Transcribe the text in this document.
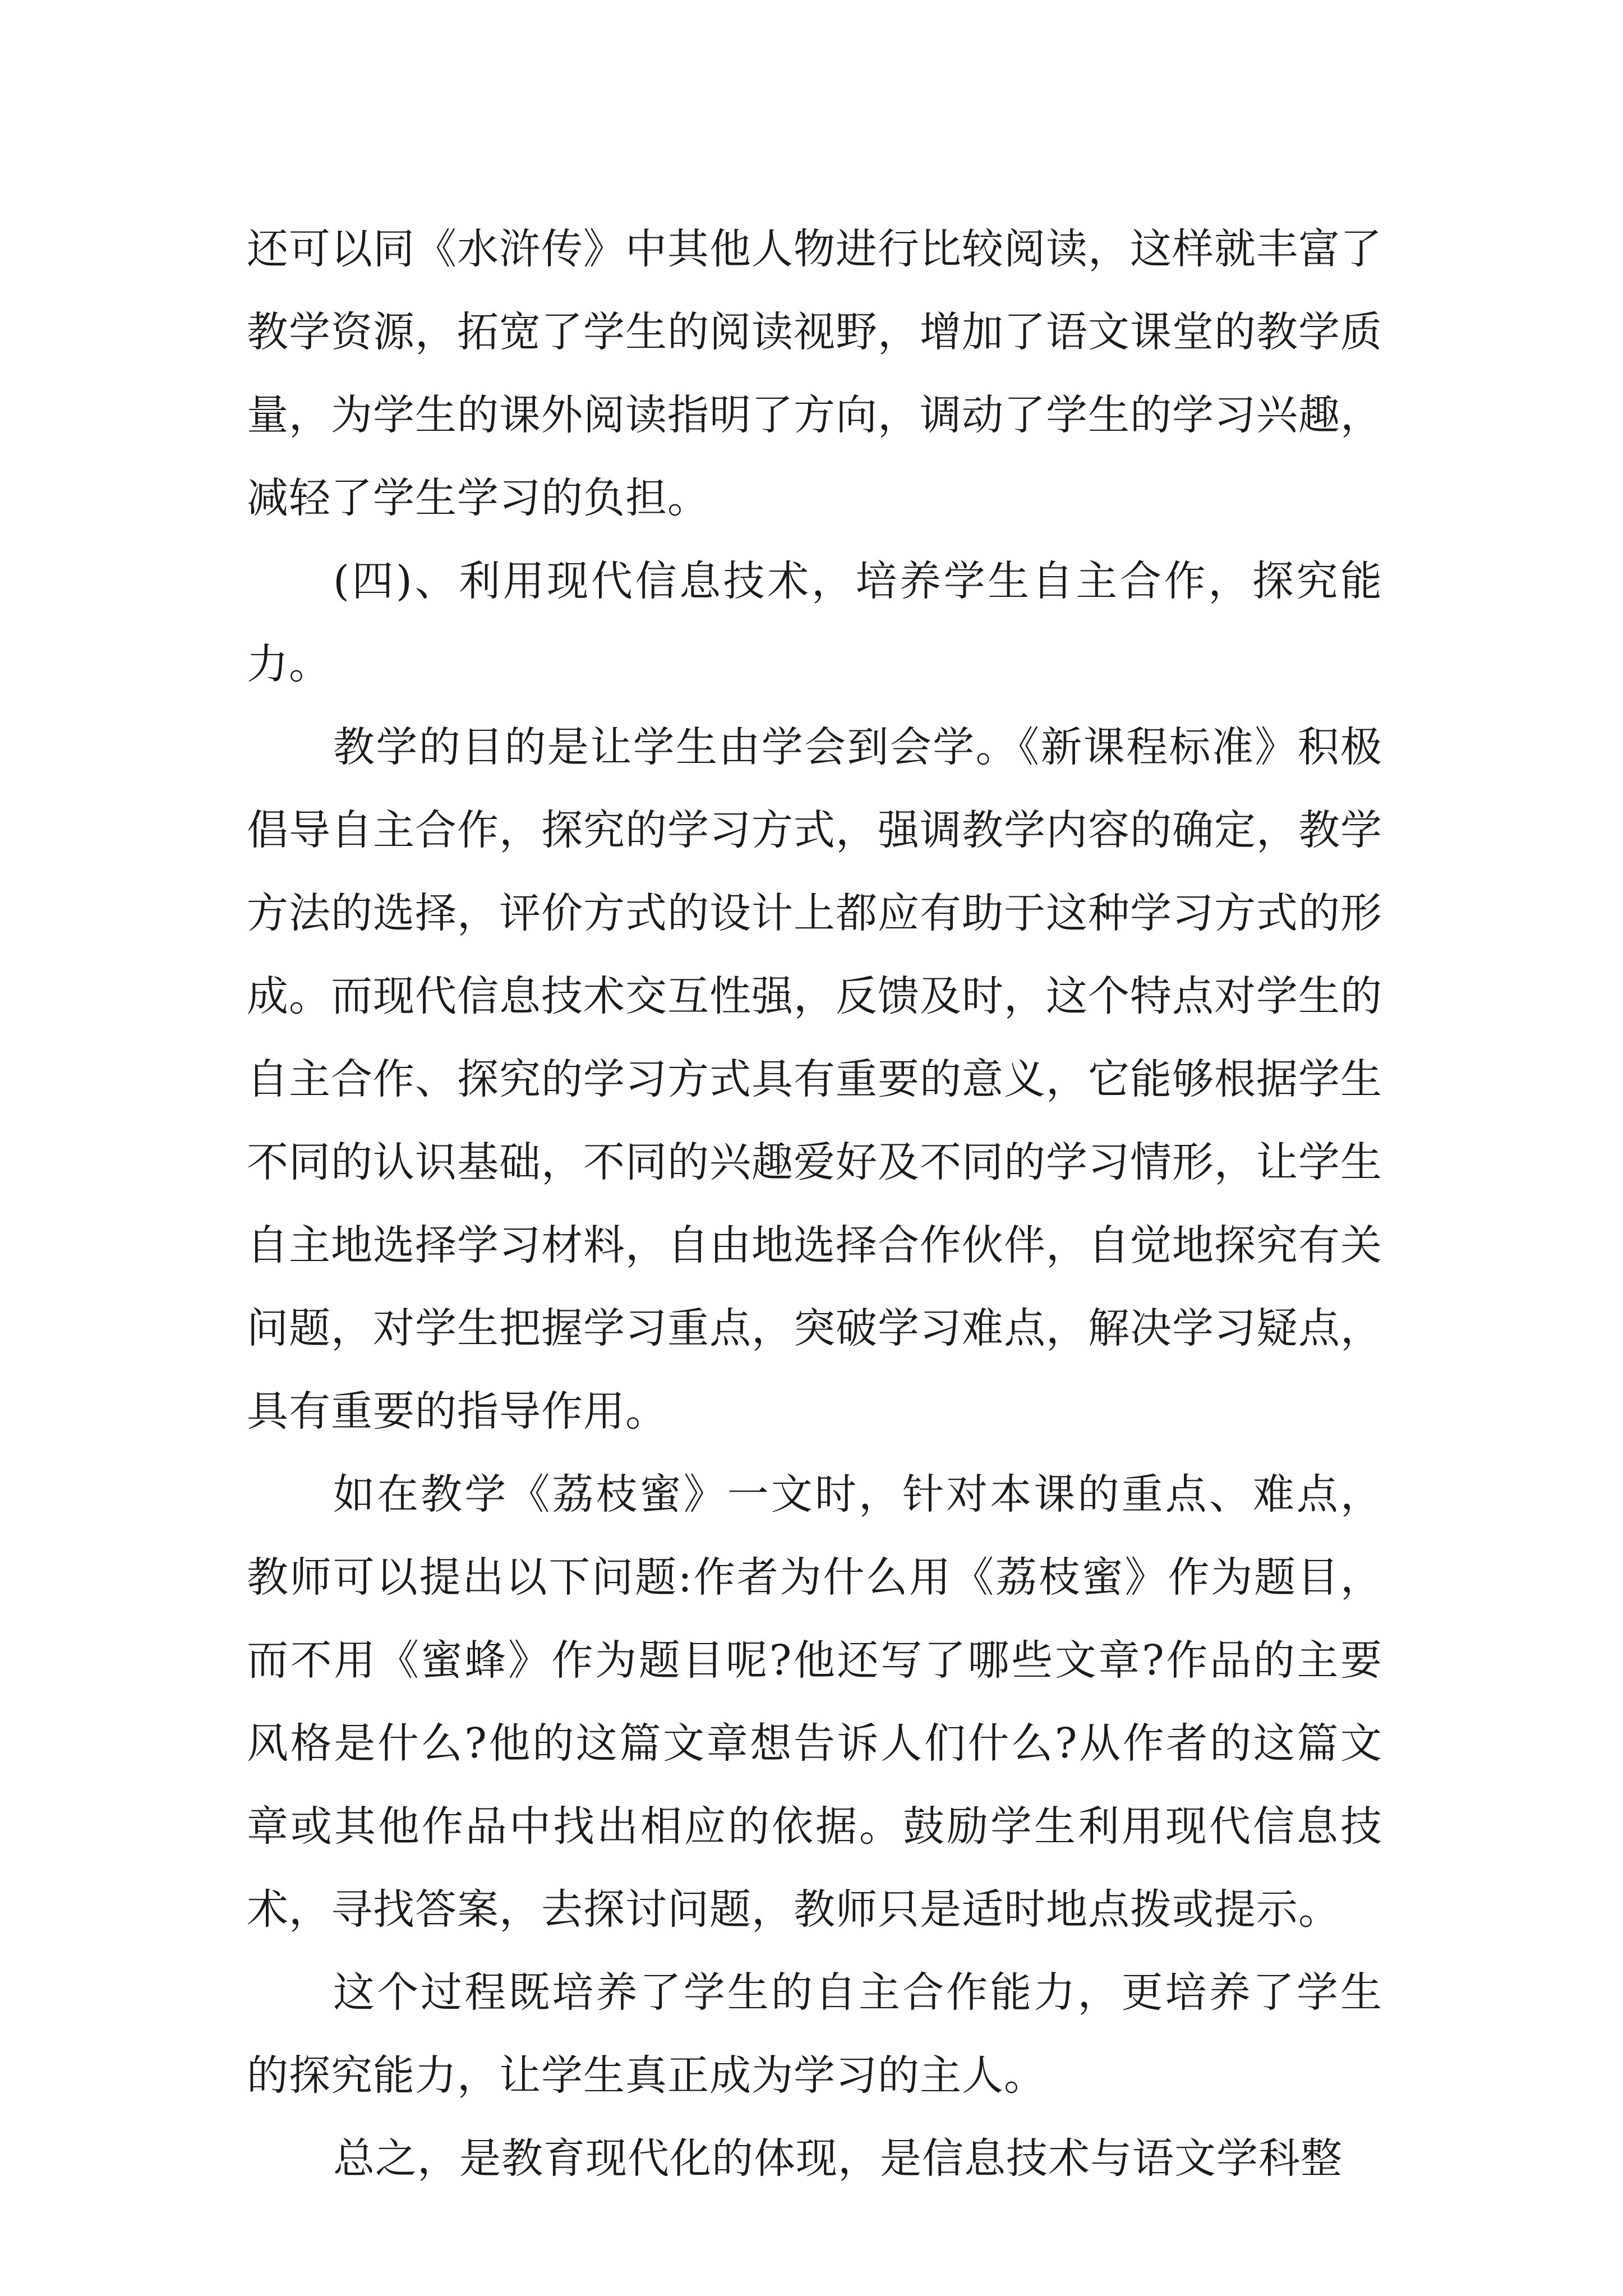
还可以同《水浒传》中其他人物进行比较阅读，这样就丰富了教学资源，拓宽了学生的阅读视野，增加了语文课堂的教学质量，为学生的课外阅读指明了方向，调动了学生的学习兴趣，减轻了学生学习的负担。

(四)、利用现代信息技术，培养学生自主合作，探究能力。

教学的目的是让学生由学会到会学。《新课程标准》积极倡导自主合作，探究的学习方式，强调教学内容的确定，教学方法的选择，评价方式的设计上都应有助于这种学习方式的形成。而现代信息技术交互性强，反馈及时，这个特点对学生的自主合作、探究的学习方式具有重要的意义，它能够根据学生不同的认识基础，不同的兴趣爱好及不同的学习情形，让学生自主地选择学习材料，自由地选择合作伙伴，自觉地探究有关问题，对学生把握学习重点，突破学习难点，解决学习疑点，具有重要的指导作用。

如在教学《荔枝蜜》一文时，针对本课的重点、难点，教师可以提出以下问题:作者为什么用《荔枝蜜》作为题目，而不用《蜜蜂》作为题目呢?他还写了哪些文章?作品的主要风格是什么?他的这篇文章想告诉人们什么?从作者的这篇文章或其他作品中找出相应的依据。鼓励学生利用现代信息技术，寻找答案，去探讨问题，教师只是适时地点拨或提示。

这个过程既培养了学生的自主合作能力，更培养了学生的探究能力，让学生真正成为学习的主人。

总之，是教育现代化的体现，是信息技术与语文学科整
